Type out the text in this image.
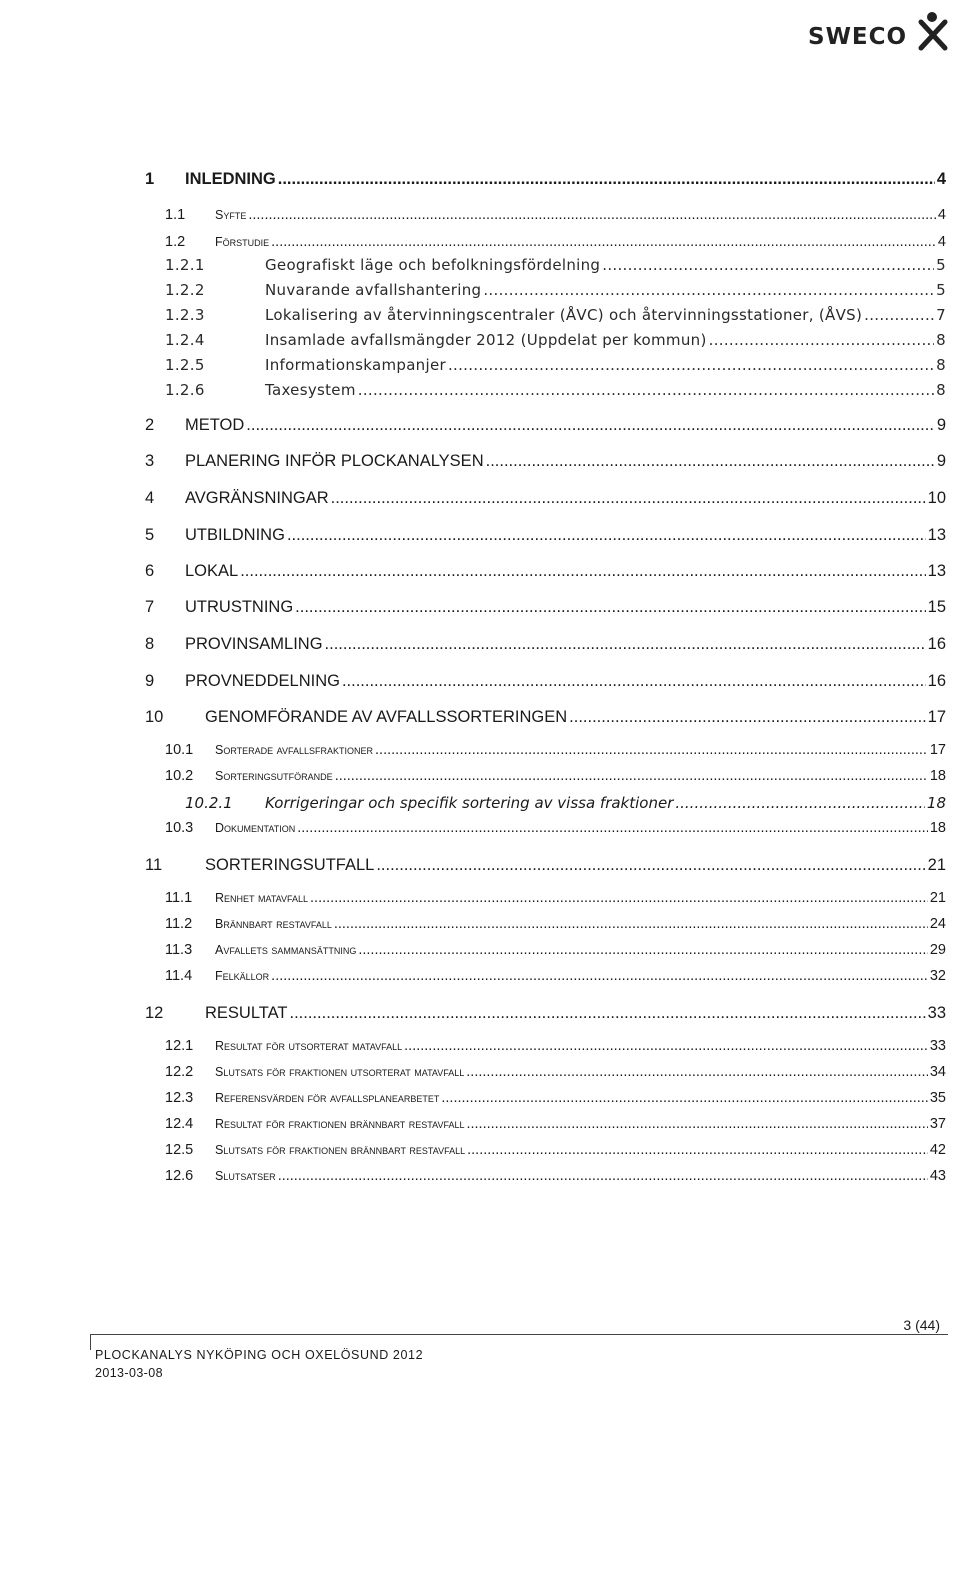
SWECO
1	INLEDNING .....	4
1.1	Syfte .....	4
1.2	Förstudie .....	4
1.2.1	Geografiskt läge och befolkningsfördelning .....	5
1.2.2	Nuvarande avfallshantering .....	5
1.2.3	Lokalisering av återvinningscentraler (ÅVC) och återvinningsstationer, (ÅVS) .....	7
1.2.4	Insamlade avfallsmängder 2012 (Uppdelat per kommun) .....	8
1.2.5	Informationskampanjer .....	8
1.2.6	Taxesystem .....	8
2	METOD .....	9
3	PLANERING INFÖR PLOCKANALYSEN .....	9
4	AVGRÄNSNINGAR .....	10
5	UTBILDNING .....	13
6	LOKAL .....	13
7	UTRUSTNING .....	15
8	PROVINSAMLING .....	16
9	PROVNEDDELNING .....	16
10	GENOMFÖRANDE AV AVFALLSSORTERINGEN .....	17
10.1	Sorterade avfallsfraktioner .....	17
10.2	Sorteringsutförande .....	18
10.2.1	Korrigeringar och specifik sortering av vissa fraktioner .....	18
10.3	Dokumentation .....	18
11	SORTERINGSUTFALL .....	21
11.1	Renhet matavfall .....	21
11.2	Brännbart restavfall .....	24
11.3	Avfallets sammansättning .....	29
11.4	Felkällor .....	32
12	RESULTAT .....	33
12.1	Resultat för utsorterat matavfall .....	33
12.2	Slutsats för fraktionen utsorterat matavfall .....	34
12.3	Referensvärden för avfallsplanearbetet .....	35
12.4	Resultat för fraktionen brännbart restavfall .....	37
12.5	Slutsats för fraktionen brännbart restavfall .....	42
12.6	Slutsatser .....	43
3 (44)
PLOCKANALYS NYKÖPING OCH OXELÖSUND 2012
2013-03-08
